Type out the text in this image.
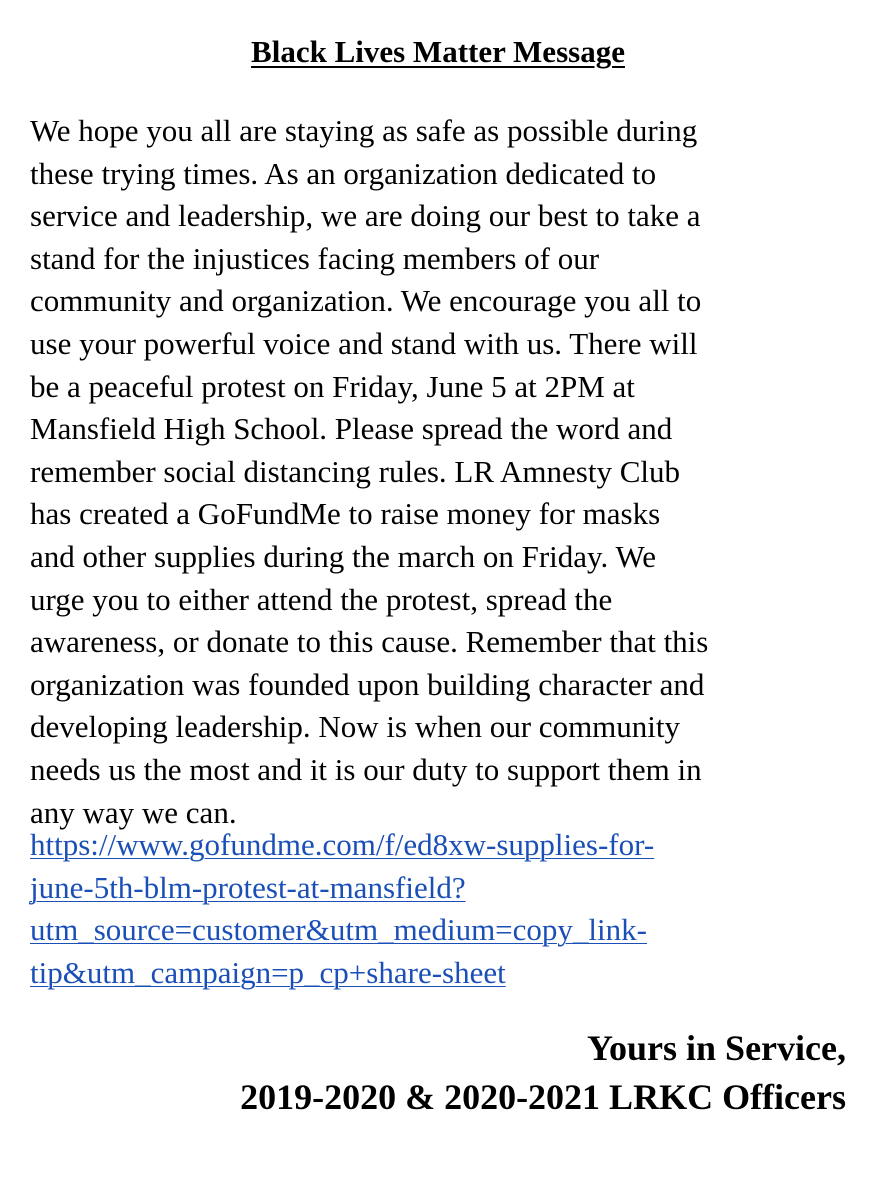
Black Lives Matter Message

We hope you all are staying as safe as possible during
these trying times. As an organization dedicated to
service and leadership, we are doing our best to take a
stand for the injustices facing members of our
community and organization. We encourage you all to
use your powerful voice and stand with us. There will
be a peaceful protest on Friday, June 5 at 2PM at
Mansfield High School. Please spread the word and
remember social distancing rules. LR Amnesty Club
has created a GoFundMe to raise money for masks
and other supplies during the march on Friday. We
urge you to either attend the protest, spread the
awareness, or donate to this cause. Remember that this
organization was founded upon building character and
developing leadership. Now is when our community
needs us the most and it is our duty to support them in
any way we can.

https://www.gofundme.com/f/ed8xw-supplies-for-
june-5th-blm-protest-at-mansfield?
utm_source=customer&utm_medium=copy_link-
tip&utm_campaign=p_cp+share-sheet
Yours in Service,
2019-2020 & 2020-2021 LRKC Officers
